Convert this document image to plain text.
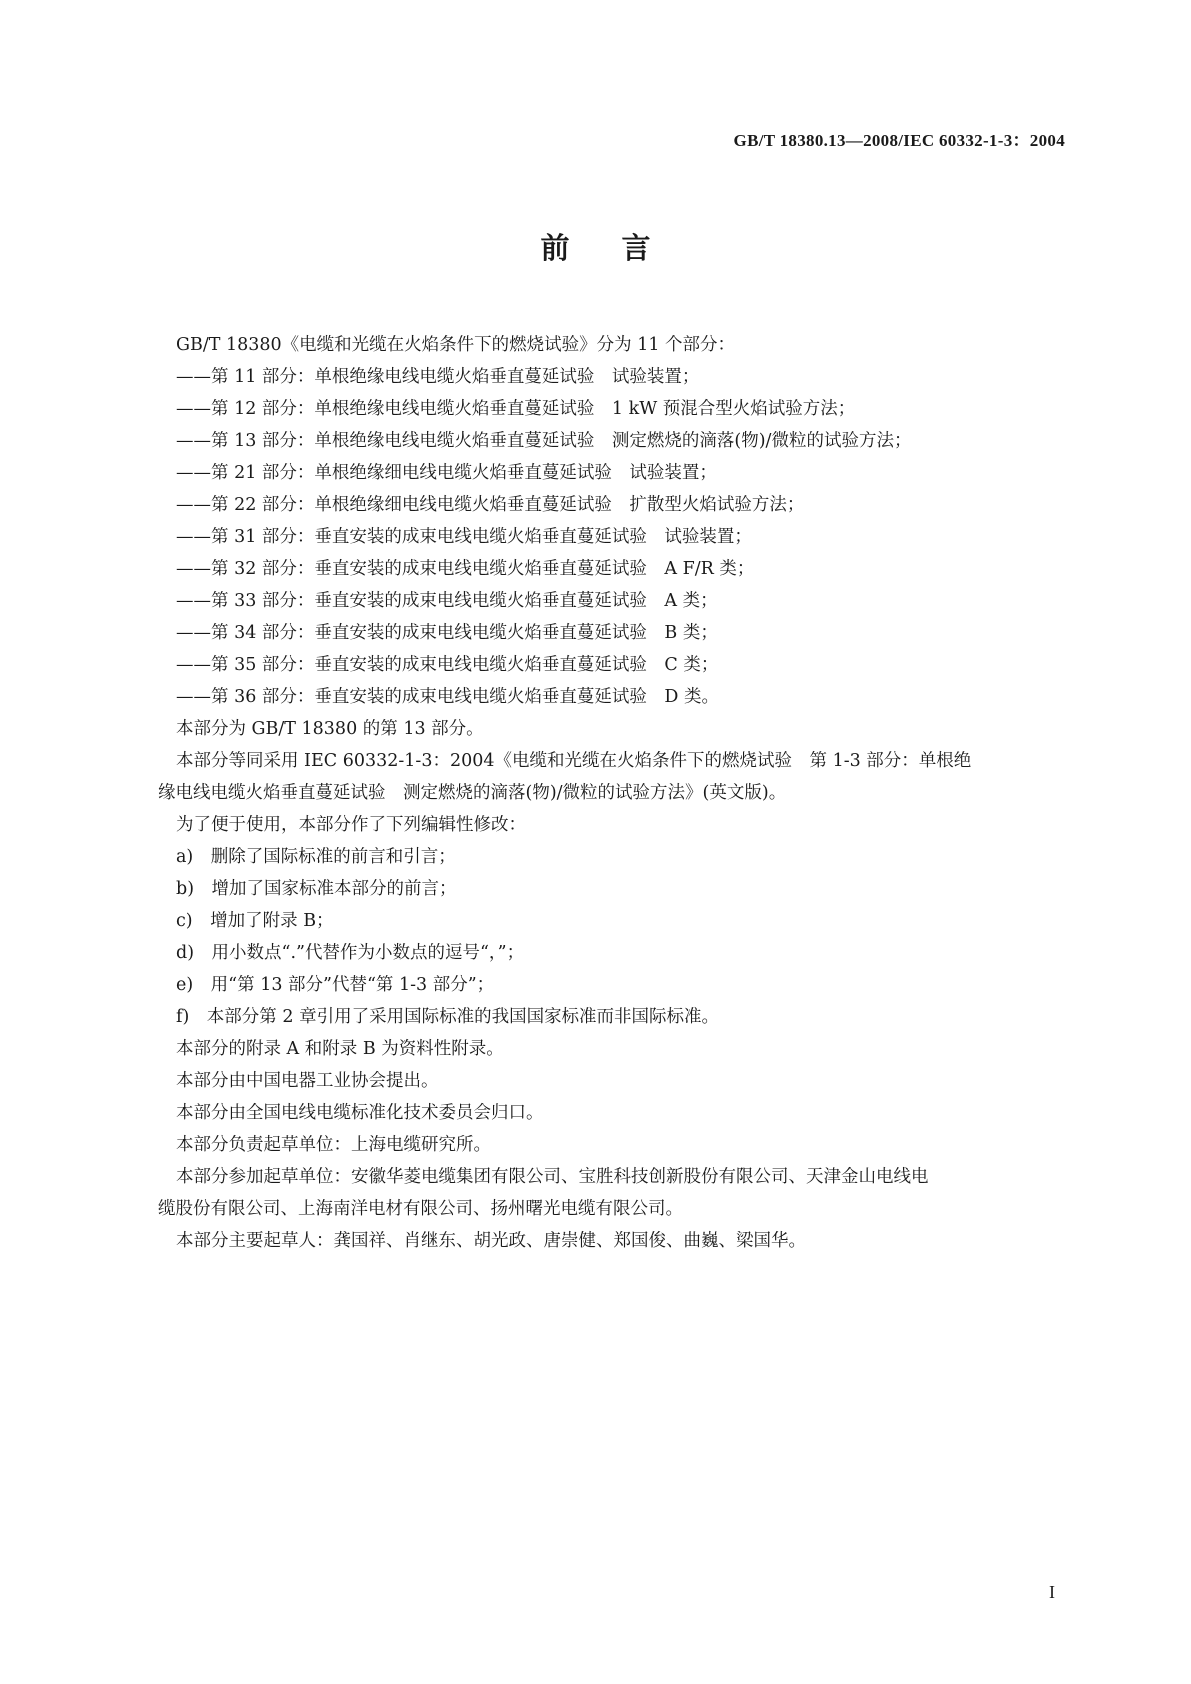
GB/T 18380.13—2008/IEC 60332-1-3：2004
前言
GB/T 18380《电缆和光缆在火焰条件下的燃烧试验》分为 11 个部分：
——第 11 部分：单根绝缘电线电缆火焰垂直蔓延试验　试验装置；
——第 12 部分：单根绝缘电线电缆火焰垂直蔓延试验　1 kW 预混合型火焰试验方法；
——第 13 部分：单根绝缘电线电缆火焰垂直蔓延试验　测定燃烧的滴落(物)/微粒的试验方法；
——第 21 部分：单根绝缘细电线电缆火焰垂直蔓延试验　试验装置；
——第 22 部分：单根绝缘细电线电缆火焰垂直蔓延试验　扩散型火焰试验方法；
——第 31 部分：垂直安装的成束电线电缆火焰垂直蔓延试验　试验装置；
——第 32 部分：垂直安装的成束电线电缆火焰垂直蔓延试验　A F/R 类；
——第 33 部分：垂直安装的成束电线电缆火焰垂直蔓延试验　A 类；
——第 34 部分：垂直安装的成束电线电缆火焰垂直蔓延试验　B 类；
——第 35 部分：垂直安装的成束电线电缆火焰垂直蔓延试验　C 类；
——第 36 部分：垂直安装的成束电线电缆火焰垂直蔓延试验　D 类。
本部分为 GB/T 18380 的第 13 部分。
本部分等同采用 IEC 60332-1-3：2004《电缆和光缆在火焰条件下的燃烧试验　第 1-3 部分：单根绝
缘电线电缆火焰垂直蔓延试验　测定燃烧的滴落(物)/微粒的试验方法》(英文版)。
为了便于使用，本部分作了下列编辑性修改：
a)　删除了国际标准的前言和引言；
b)　增加了国家标准本部分的前言；
c)　增加了附录 B；
d)　用小数点“.”代替作为小数点的逗号“，”；
e)　用“第 13 部分”代替“第 1-3 部分”；
f)　本部分第 2 章引用了采用国际标准的我国国家标准而非国际标准。
本部分的附录 A 和附录 B 为资料性附录。
本部分由中国电器工业协会提出。
本部分由全国电线电缆标准化技术委员会归口。
本部分负责起草单位：上海电缆研究所。
本部分参加起草单位：安徽华菱电缆集团有限公司、宝胜科技创新股份有限公司、天津金山电线电
缆股份有限公司、上海南洋电材有限公司、扬州曙光电缆有限公司。
本部分主要起草人：龚国祥、肖继东、胡光政、唐崇健、郑国俊、曲巍、梁国华。
I
